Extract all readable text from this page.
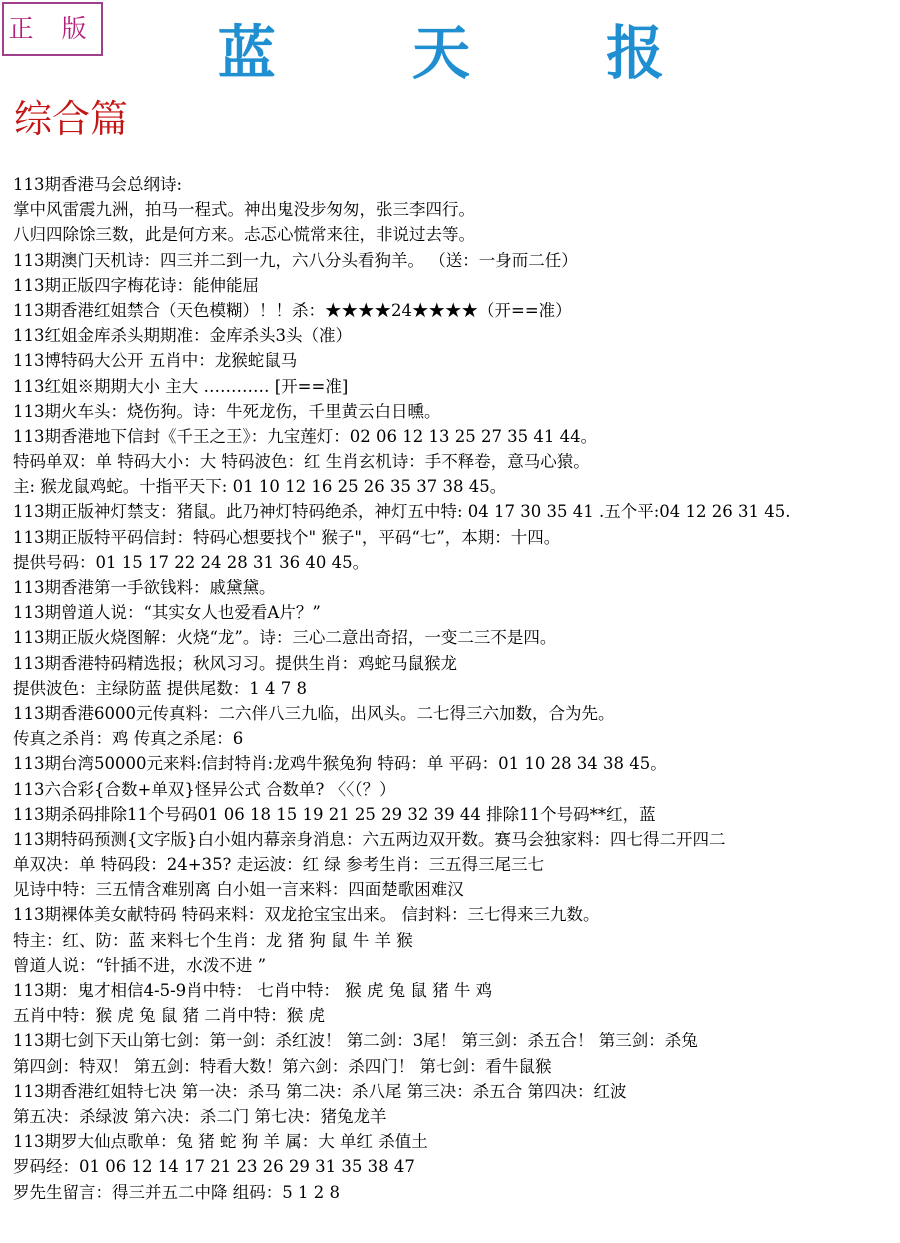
正 版	蓝 天 报
综合篇
113期香港马会总纲诗:
掌中风雷震九洲，拍马一程式。神出鬼没步匆匆，张三李四行。
八归四除馀三数，此是何方来。忐忑心慌常来往，非说过去等。
113期澳门天机诗：四三并二到一九，六八分头看狗羊。 （送：一身而二任）
113期正版四字梅花诗：能伸能屈
113期香港红姐禁合（天色模糊）！！杀：★★★★24★★★★（开==准）
113红姐金库杀头期期准：金库杀头3头（准）
113博特码大公开 五肖中：龙猴蛇鼠马
113红姐※期期大小 主大 ………… [开==准]
113期火车头：烧伤狗。诗：牛死龙伤，千里黄云白日曛。
113期香港地下信封《千王之王》：九宝莲灯：02 06 12 13 25 27 35 41 44。
特码单双：单 特码大小：大 特码波色：红 生肖玄机诗：手不释卷，意马心猿。
主: 猴龙鼠鸡蛇。十指平天下: 01 10 12 16 25 26 35 37 38 45。
113期正版神灯禁支：猪鼠。此乃神灯特码绝杀，神灯五中特: 04 17 30 35 41 .五个平:04 12 26 31 45.
113期正版特平码信封：特码心想要找个" 猴子"，平码“七”，本期：十四。
提供号码：01 15 17 22 24 28 31 36 40 45。
113期香港第一手欲钱料：戚黛黛。
113期曾道人说：“其实女人也爱看A片？”
113期正版火烧图解：火烧“龙”。诗：三心二意出奇招，一变二三不是四。
113期香港特码精选报；秋风习习。提供生肖：鸡蛇马鼠猴龙
提供波色：主绿防蓝 提供尾数：1 4 7 8
113期香港6000元传真料：二六伴八三九临，出风头。二七得三六加数，合为先。
传真之杀肖：鸡 传真之杀尾：6
113期台湾50000元来料:信封特肖:龙鸡牛猴兔狗 特码：单 平码：01 10 28 34 38 45。
113六合彩{合数+单双}怪异公式 合数单? 〈〈（？）
113期杀码排除11个号码01 06 18 15 19 21 25 29 32 39 44 排除11个号码**红，蓝
113期特码预测{文字版}白小姐内幕亲身消息：六五两边双开数。赛马会独家料：四七得二开四二
单双决：单 特码段：24+35? 走运波：红 绿 参考生肖：三五得三尾三七
见诗中特：三五情含难别离 白小姐一言来料：四面楚歌困难汉
113期裸体美女献特码 特码来料：双龙抢宝宝出来。 信封料：三七得来三九数。
特主：红、防：蓝 来料七个生肖：龙 猪 狗 鼠 牛 羊 猴
曾道人说：“针插不进，水泼不进 ”
113期：鬼才相信4-5-9肖中特： 七肖中特： 猴 虎 兔 鼠 猪 牛 鸡
五肖中特：猴 虎 兔 鼠 猪 二肖中特：猴 虎
113期七剑下天山第七剑：第一剑：杀红波！ 第二剑：3尾！ 第三剑：杀五合！ 第三剑：杀兔
第四剑：特双！ 第五剑：特看大数！第六剑：杀四门！ 第七剑：看牛鼠猴
113期香港红姐特七决 第一决：杀马 第二决：杀八尾 第三决：杀五合 第四决：红波
第五决：杀绿波 第六决：杀二门 第七决：猪兔龙羊
113期罗大仙点歌单：兔 猪 蛇 狗 羊 属：大 单红 杀值土
罗码经：01 06 12 14 17 21 23 26 29 31 35 38 47
罗先生留言：得三并五二中降 组码：5 1 2 8
